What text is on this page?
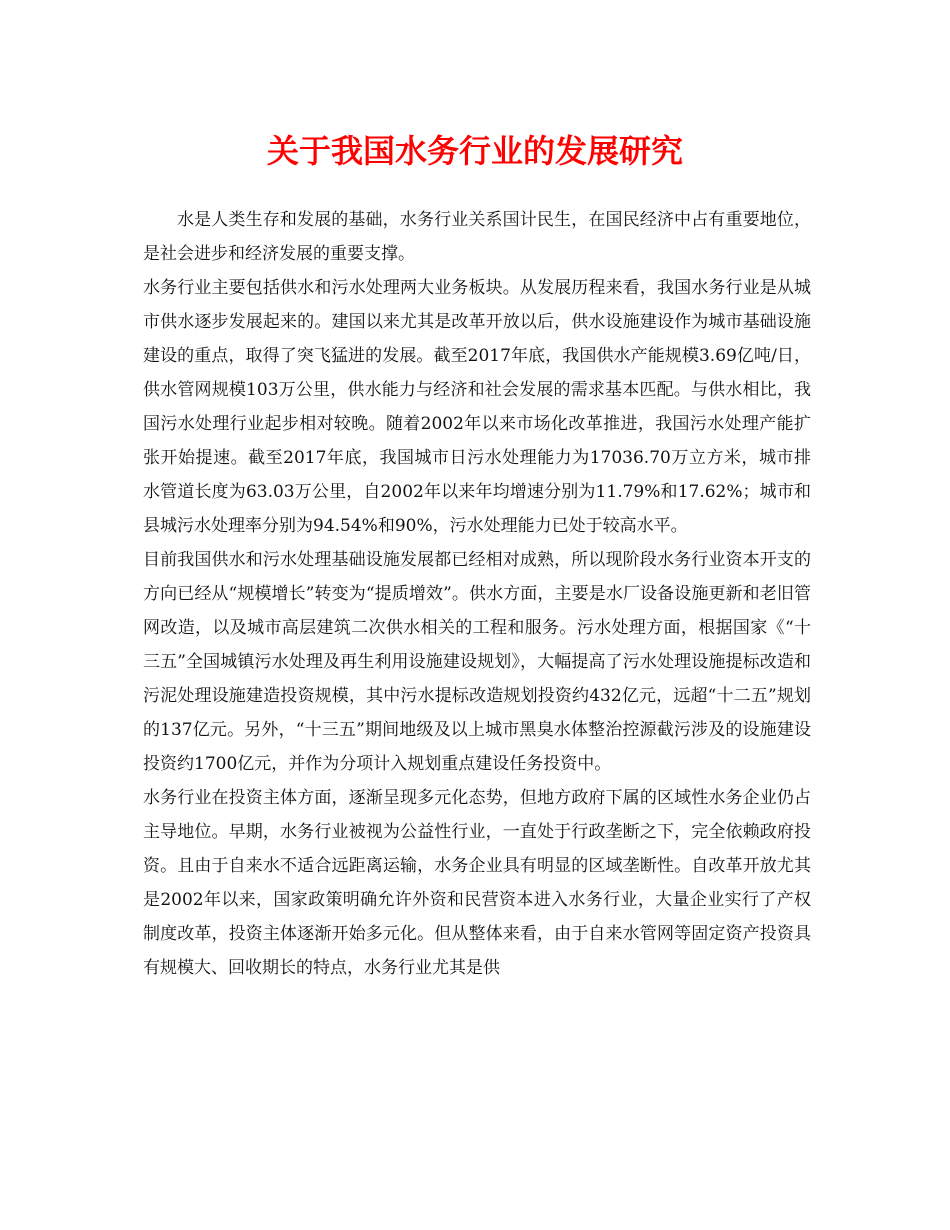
关于我国水务行业的发展研究

水是人类生存和发展的基础，水务行业关系国计民生，在国民经济中占有重要地位，是社会进步和经济发展的重要支撑。

水务行业主要包括供水和污水处理两大业务板块。从发展历程来看，我国水务行业是从城市供水逐步发展起来的。建国以来尤其是改革开放以后，供水设施建设作为城市基础设施建设的重点，取得了突飞猛进的发展。截至2017年底，我国供水产能规模3.69亿吨/日，供水管网规模103万公里，供水能力与经济和社会发展的需求基本匹配。与供水相比，我国污水处理行业起步相对较晚。随着2002年以来市场化改革推进，我国污水处理产能扩张开始提速。截至2017年底，我国城市日污水处理能力为17036.70万立方米，城市排水管道长度为63.03万公里，自2002年以来年均增速分别为11.79%和17.62%；城市和县城污水处理率分别为94.54%和90%，污水处理能力已处于较高水平。

目前我国供水和污水处理基础设施发展都已经相对成熟，所以现阶段水务行业资本开支的方向已经从“规模增长”转变为“提质增效”。供水方面，主要是水厂设备设施更新和老旧管网改造，以及城市高层建筑二次供水相关的工程和服务。污水处理方面，根据国家《“十三五”全国城镇污水处理及再生利用设施建设规划》，大幅提高了污水处理设施提标改造和污泥处理设施建造投资规模，其中污水提标改造规划投资约432亿元，远超“十二五”规划的137亿元。另外，“十三五”期间地级及以上城市黑臭水体整治控源截污涉及的设施建设投资约1700亿元，并作为分项计入规划重点建设任务投资中。

水务行业在投资主体方面，逐渐呈现多元化态势，但地方政府下属的区域性水务企业仍占主导地位。早期，水务行业被视为公益性行业，一直处于行政垄断之下，完全依赖政府投资。且由于自来水不适合远距离运输，水务企业具有明显的区域垄断性。自改革开放尤其是2002年以来，国家政策明确允许外资和民营资本进入水务行业，大量企业实行了产权制度改革，投资主体逐渐开始多元化。但从整体来看，由于自来水管网等固定资产投资具有规模大、回收期长的特点，水务行业尤其是供
